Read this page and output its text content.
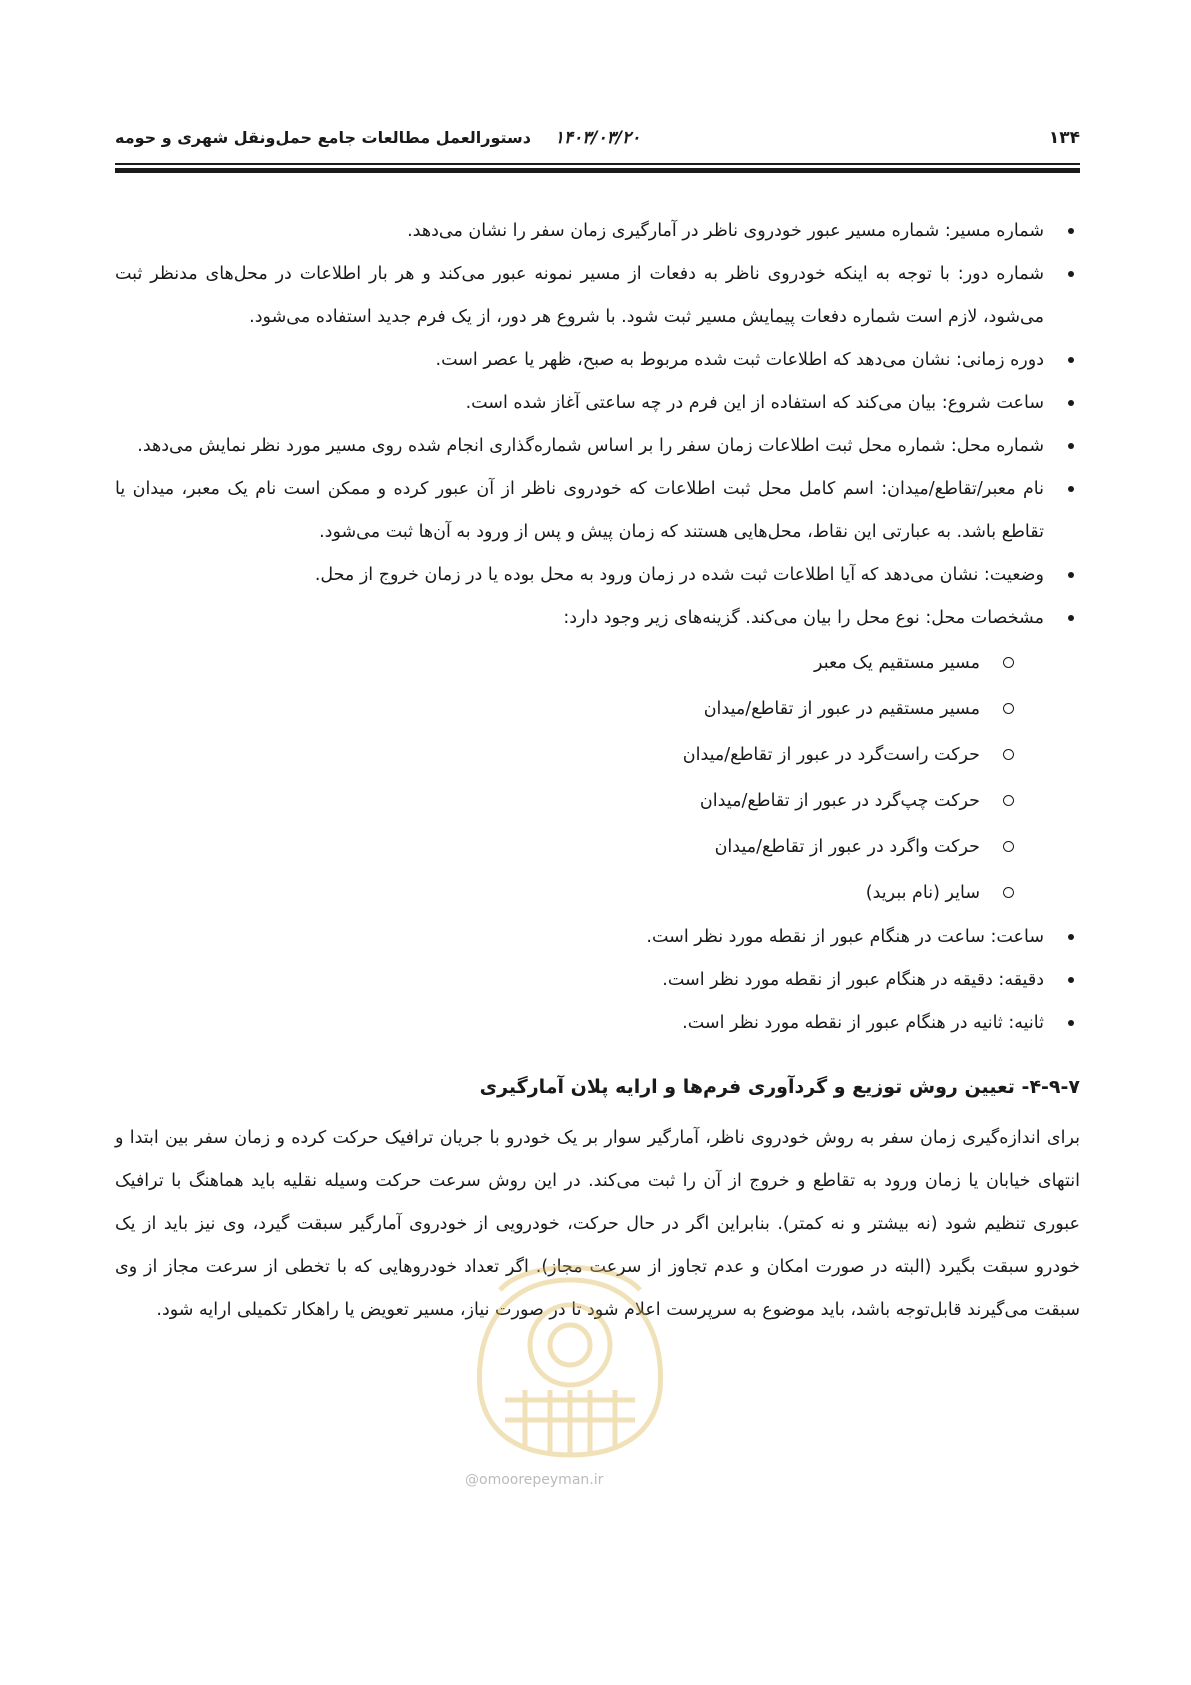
۱۳۴
۱۴۰۳/۰۳/۲۰
دستورالعمل مطالعات جامع حمل‌ونقل شهری و حومه
شماره مسیر: شماره مسیر عبور خودروی ناظر در آمارگیری زمان سفر را نشان می‌دهد.
شماره دور: با توجه به اینکه خودروی ناظر به دفعات از مسیر نمونه عبور می‌کند و هر بار اطلاعات در محل‌های مدنظر ثبت می‌شود، لازم است شماره دفعات پیمایش مسیر ثبت شود. با شروع هر دور، از یک فرم جدید استفاده می‌شود.
دوره زمانی: نشان می‌دهد که اطلاعات ثبت شده مربوط به صبح، ظهر یا عصر است.
ساعت شروع: بیان می‌کند که استفاده از این فرم در چه ساعتی آغاز شده است.
شماره محل: شماره محل ثبت اطلاعات زمان سفر را بر اساس شماره‌گذاری انجام شده روی مسیر مورد نظر نمایش می‌دهد.
نام معبر/تقاطع/میدان: اسم کامل محل ثبت اطلاعات که خودروی ناظر از آن عبور کرده و ممکن است نام یک معبر، میدان یا تقاطع باشد. به عبارتی این نقاط، محل‌هایی هستند که زمان پیش و پس از ورود به آن‌ها ثبت می‌شود.
وضعیت: نشان می‌دهد که آیا اطلاعات ثبت شده در زمان ورود به محل بوده یا در زمان خروج از محل.
مشخصات محل: نوع محل را بیان می‌کند. گزینه‌های زیر وجود دارد:
مسیر مستقیم یک معبر
مسیر مستقیم در عبور از تقاطع/میدان
حرکت راست‌گرد در عبور از تقاطع/میدان
حرکت چپ‌گرد در عبور از تقاطع/میدان
حرکت واگرد در عبور از تقاطع/میدان
سایر (نام ببرید)
ساعت: ساعت در هنگام عبور از نقطه مورد نظر است.
دقیقه: دقیقه در هنگام عبور از نقطه مورد نظر است.
ثانیه: ثانیه در هنگام عبور از نقطه مورد نظر است.
۴-۹-۷- تعیین روش توزیع و گردآوری فرم‌ها و ارایه پلان آمارگیری

برای اندازه‌گیری زمان سفر به روش خودروی ناظر، آمارگیر سوار بر یک خودرو با جریان ترافیک حرکت کرده و زمان سفر بین ابتدا و انتهای خیابان یا زمان ورود به تقاطع و خروج از آن را ثبت می‌کند. در این روش سرعت حرکت وسیله نقلیه باید هماهنگ با ترافیک عبوری تنظیم شود (نه بیشتر و نه کمتر). بنابراین اگر در حال حرکت، خودرویی از خودروی آمارگیر سبقت گیرد، وی نیز باید از یک خودرو سبقت بگیرد (البته در صورت امکان و عدم تجاوز از سرعت مجاز). اگر تعداد خودروهایی که با تخطی از سرعت مجاز از وی سبقت می‌گیرند قابل‌توجه باشد، باید موضوع به سرپرست اعلام شود تا در صورت نیاز، مسیر تعویض یا راهکار تکمیلی ارایه شود.

@omoorepeyman.ir
